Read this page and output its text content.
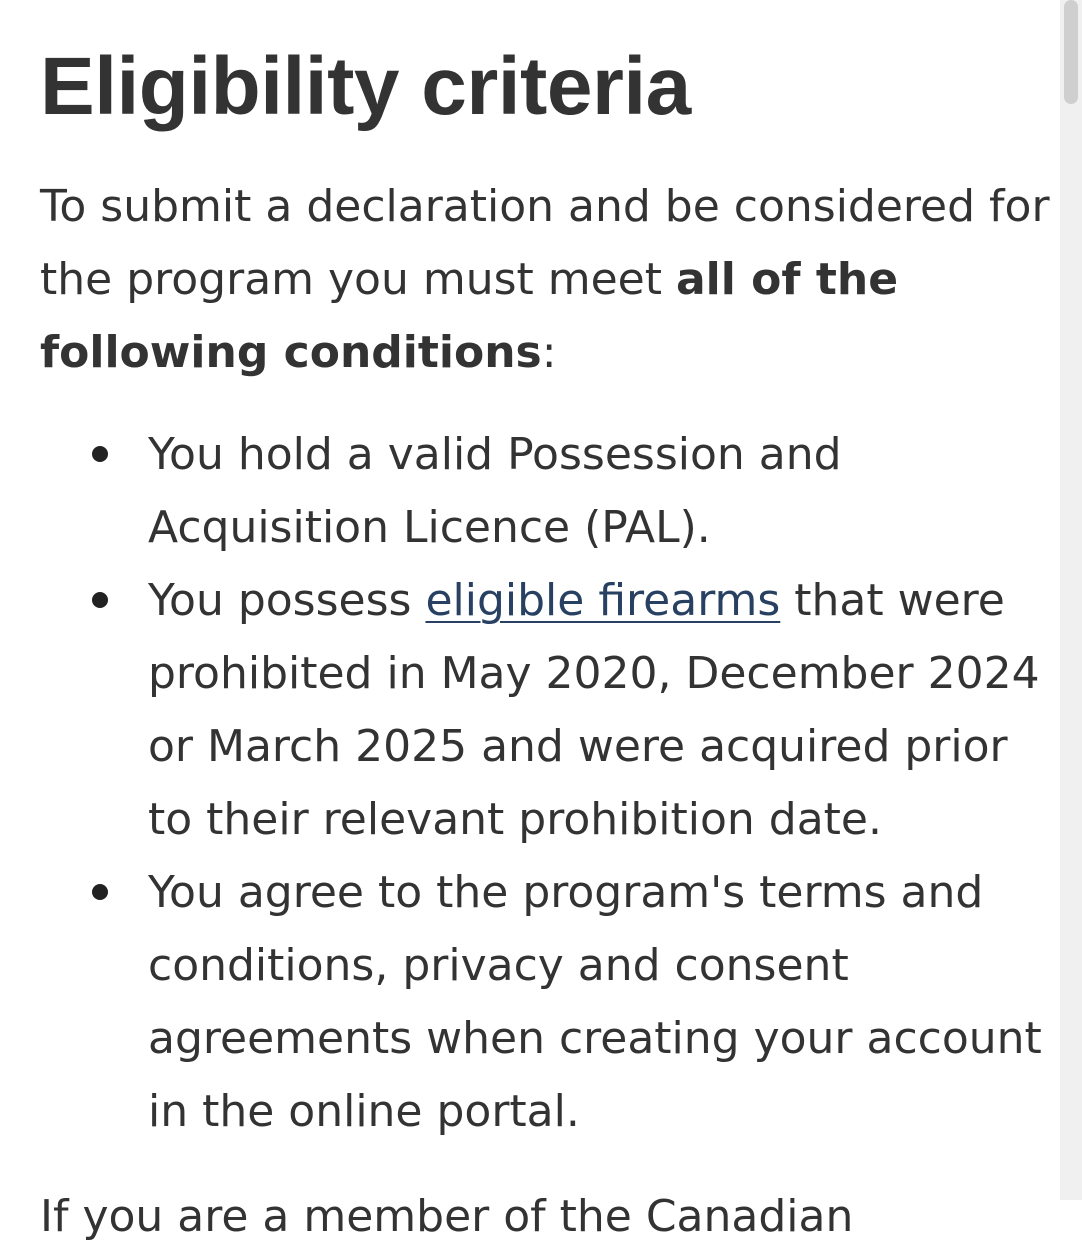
Eligibility criteria

To submit a declaration and be considered for the program you must meet all of the following conditions:

You hold a valid Possession and Acquisition Licence (PAL).
You possess eligible firearms that were prohibited in May 2020, December 2024 or March 2025 and were acquired prior to their relevant prohibition date.
You agree to the program's terms and conditions, privacy and consent agreements when creating your account in the online portal.

If you are a member of the Canadian
